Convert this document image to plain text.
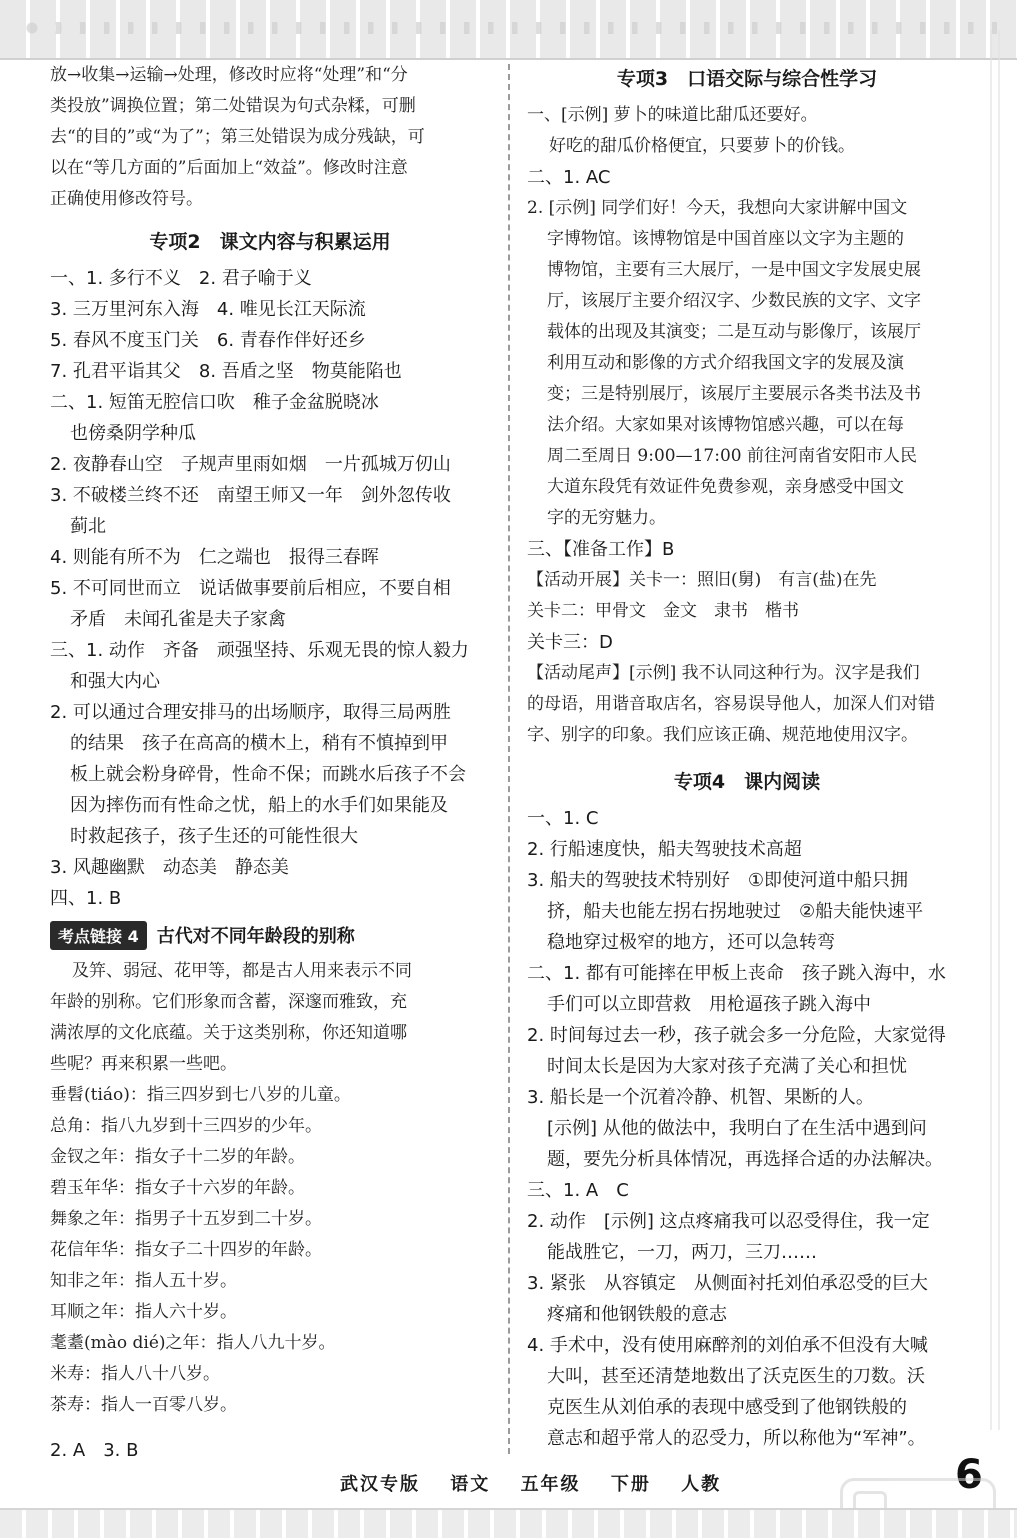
放→收集→运输→处理，修改时应将“处理”和“分
类投放”调换位置；第二处错误为句式杂糅，可删
去“的目的”或“为了”；第三处错误为成分残缺，可
以在“等几方面的”后面加上“效益”。修改时注意
正确使用修改符号。
专项2　课文内容与积累运用
一、1. 多行不义　2. 君子喻于义
3. 三万里河东入海　4. 唯见长江天际流
5. 春风不度玉门关　6. 青春作伴好还乡
7. 孔君平诣其父　8. 吾盾之坚　物莫能陷也
二、1. 短笛无腔信口吹　稚子金盆脱晓冰
也傍桑阴学种瓜
2. 夜静春山空　子规声里雨如烟　一片孤城万仞山
3. 不破楼兰终不还　南望王师又一年　剑外忽传收
蓟北
4. 则能有所不为　仁之端也　报得三春晖
5. 不可同世而立　说话做事要前后相应，不要自相
矛盾　未闻孔雀是夫子家禽
三、1. 动作　齐备　顽强坚持、乐观无畏的惊人毅力
和强大内心
2. 可以通过合理安排马的出场顺序，取得三局两胜
的结果　孩子在高高的横木上，稍有不慎掉到甲
板上就会粉身碎骨，性命不保；而跳水后孩子不会
因为摔伤而有性命之忧，船上的水手们如果能及
时救起孩子，孩子生还的可能性很大
3. 风趣幽默　动态美　静态美
四、1. B
考点链接 4	古代对不同年龄段的别称
及笄、弱冠、花甲等，都是古人用来表示不同
年龄的别称。它们形象而含蓄，深邃而雅致，充
满浓厚的文化底蕴。关于这类别称，你还知道哪
些呢？再来积累一些吧。
垂髫(tiáo)：指三四岁到七八岁的儿童。
总角：指八九岁到十三四岁的少年。
金钗之年：指女子十二岁的年龄。
碧玉年华：指女子十六岁的年龄。
舞象之年：指男子十五岁到二十岁。
花信年华：指女子二十四岁的年龄。
知非之年：指人五十岁。
耳顺之年：指人六十岁。
耄耋(mào dié)之年：指人八九十岁。
米寿：指人八十八岁。
茶寿：指人一百零八岁。
2. A　3. B
专项3　口语交际与综合性学习
一、[示例] 萝卜的味道比甜瓜还要好。
好吃的甜瓜价格便宜，只要萝卜的价钱。
二、1. AC
2. [示例] 同学们好！今天，我想向大家讲解中国文
字博物馆。该博物馆是中国首座以文字为主题的
博物馆，主要有三大展厅，一是中国文字发展史展
厅，该展厅主要介绍汉字、少数民族的文字、文字
载体的出现及其演变；二是互动与影像厅，该展厅
利用互动和影像的方式介绍我国文字的发展及演
变；三是特别展厅，该展厅主要展示各类书法及书
法介绍。大家如果对该博物馆感兴趣，可以在每
周二至周日 9:00—17:00 前往河南省安阳市人民
大道东段凭有效证件免费参观，亲身感受中国文
字的无穷魅力。
三、【准备工作】B
【活动开展】关卡一：照旧(舅)　有言(盐)在先
关卡二：甲骨文　金文　隶书　楷书
关卡三：D
【活动尾声】[示例] 我不认同这种行为。汉字是我们
的母语，用谐音取店名，容易误导他人，加深人们对错
字、别字的印象。我们应该正确、规范地使用汉字。
专项4　课内阅读
一、1. C
2. 行船速度快，船夫驾驶技术高超
3. 船夫的驾驶技术特别好　①即使河道中船只拥
挤，船夫也能左拐右拐地驶过　②船夫能快速平
稳地穿过极窄的地方，还可以急转弯
二、1. 都有可能摔在甲板上丧命　孩子跳入海中，水
手们可以立即营救　用枪逼孩子跳入海中
2. 时间每过去一秒，孩子就会多一分危险，大家觉得
时间太长是因为大家对孩子充满了关心和担忧
3. 船长是一个沉着冷静、机智、果断的人。
[示例] 从他的做法中，我明白了在生活中遇到问
题，要先分析具体情况，再选择合适的办法解决。
三、1. A　C
2. 动作　[示例] 这点疼痛我可以忍受得住，我一定
能战胜它，一刀，两刀，三刀……
3. 紧张　从容镇定　从侧面衬托刘伯承忍受的巨大
疼痛和他钢铁般的意志
4. 手术中，没有使用麻醉剂的刘伯承不但没有大喊
大叫，甚至还清楚地数出了沃克医生的刀数。沃
克医生从刘伯承的表现中感受到了他钢铁般的
意志和超乎常人的忍受力，所以称他为“军神”。
武汉专版 语文 五年级 下册 人教	6
